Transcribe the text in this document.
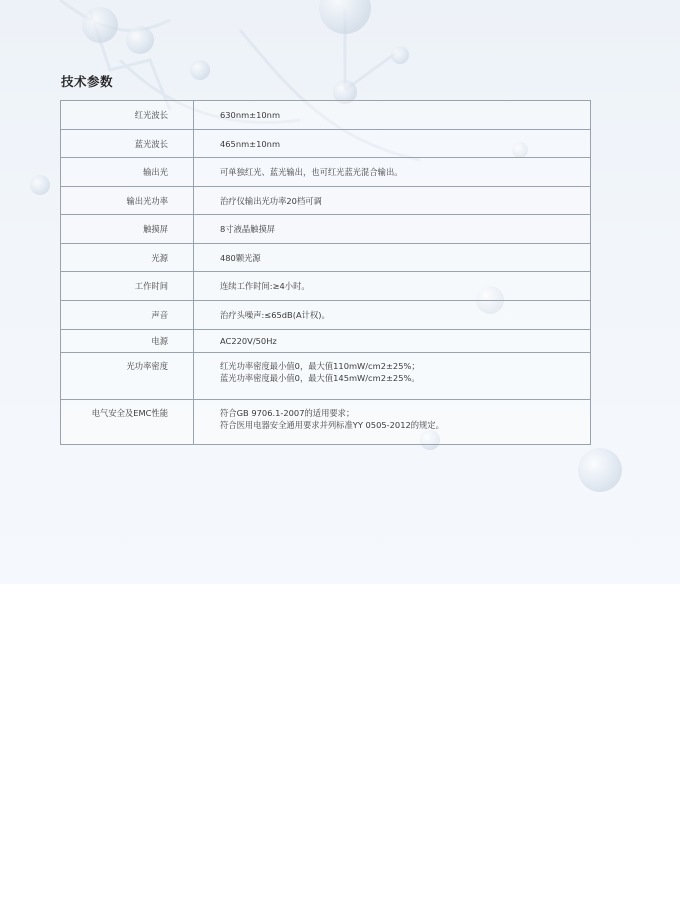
技术参数
红光波长	630nm±10nm

蓝光波长	465nm±10nm

输出光	可单独红光、蓝光输出，也可红光蓝光混合输出。

输出光功率	治疗仪输出光功率20档可调

触摸屏	8寸液晶触摸屏

光源	480颗光源

工作时间	连续工作时间:≥4小时。

声音	治疗头噪声:≤65dB(A计权)。

电源	AC220V/50Hz

光功率密度	红光功率密度最小值0，最大值110mW/cm2±25%；
蓝光功率密度最小值0，最大值145mW/cm2±25%。

电气安全及EMC性能	符合GB 9706.1-2007的适用要求；
符合医用电器安全通用要求并列标准YY 0505-2012的规定。
